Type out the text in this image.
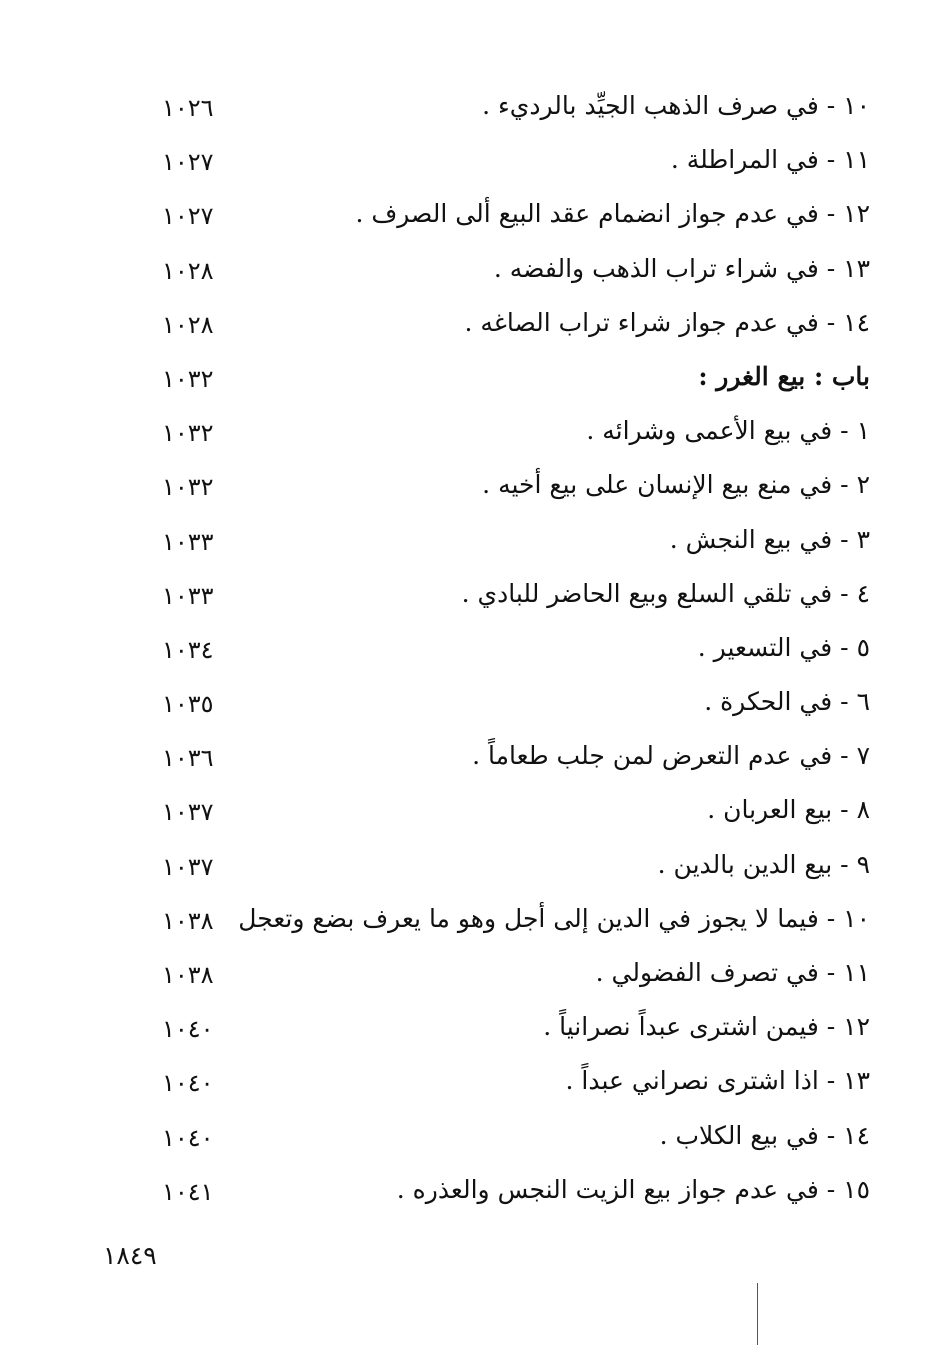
١٠٢٦	١٠ - في صرف الذهب الجيِّد بالرديء .
١٠٢٧	١١ - في المراطلة .
١٠٢٧	١٢ - في عدم جواز انضمام عقد البيع ألى الصرف .
١٠٢٨	١٣ - في شراء تراب الذهب والفضه .
١٠٢٨	١٤ - في عدم جواز شراء تراب الصاغه .
١٠٣٢	باب : بيع الغرر :
١٠٣٢	١ - في بيع الأعمى وشرائه .
١٠٣٢	٢ - في منع بيع الإنسان على بيع أخيه .
١٠٣٣	٣ - في بيع النجش .
١٠٣٣	٤ - في تلقي السلع وبيع الحاضر للبادي .
١٠٣٤	٥ - في التسعير .
١٠٣٥	٦ - في الحكرة .
١٠٣٦	٧ - في عدم التعرض لمن جلب طعاماً .
١٠٣٧	٨ - بيع العربان .
١٠٣٧	٩ - بيع الدين بالدين .
١٠٣٨ ١٠ - فيما لا يجوز في الدين إلى أجل وهو ما يعرف بضع وتعجل
١٠٣٨	١١ - في تصرف الفضولي .
١٠٤٠	١٢ - فيمن اشترى عبداً نصرانياً .
١٠٤٠	١٣ - اذا اشترى نصراني عبداً .
١٠٤٠	١٤ - في بيع الكلاب .
١٠٤١	١٥ - في عدم جواز بيع الزيت النجس والعذره .
١٨٤٩
